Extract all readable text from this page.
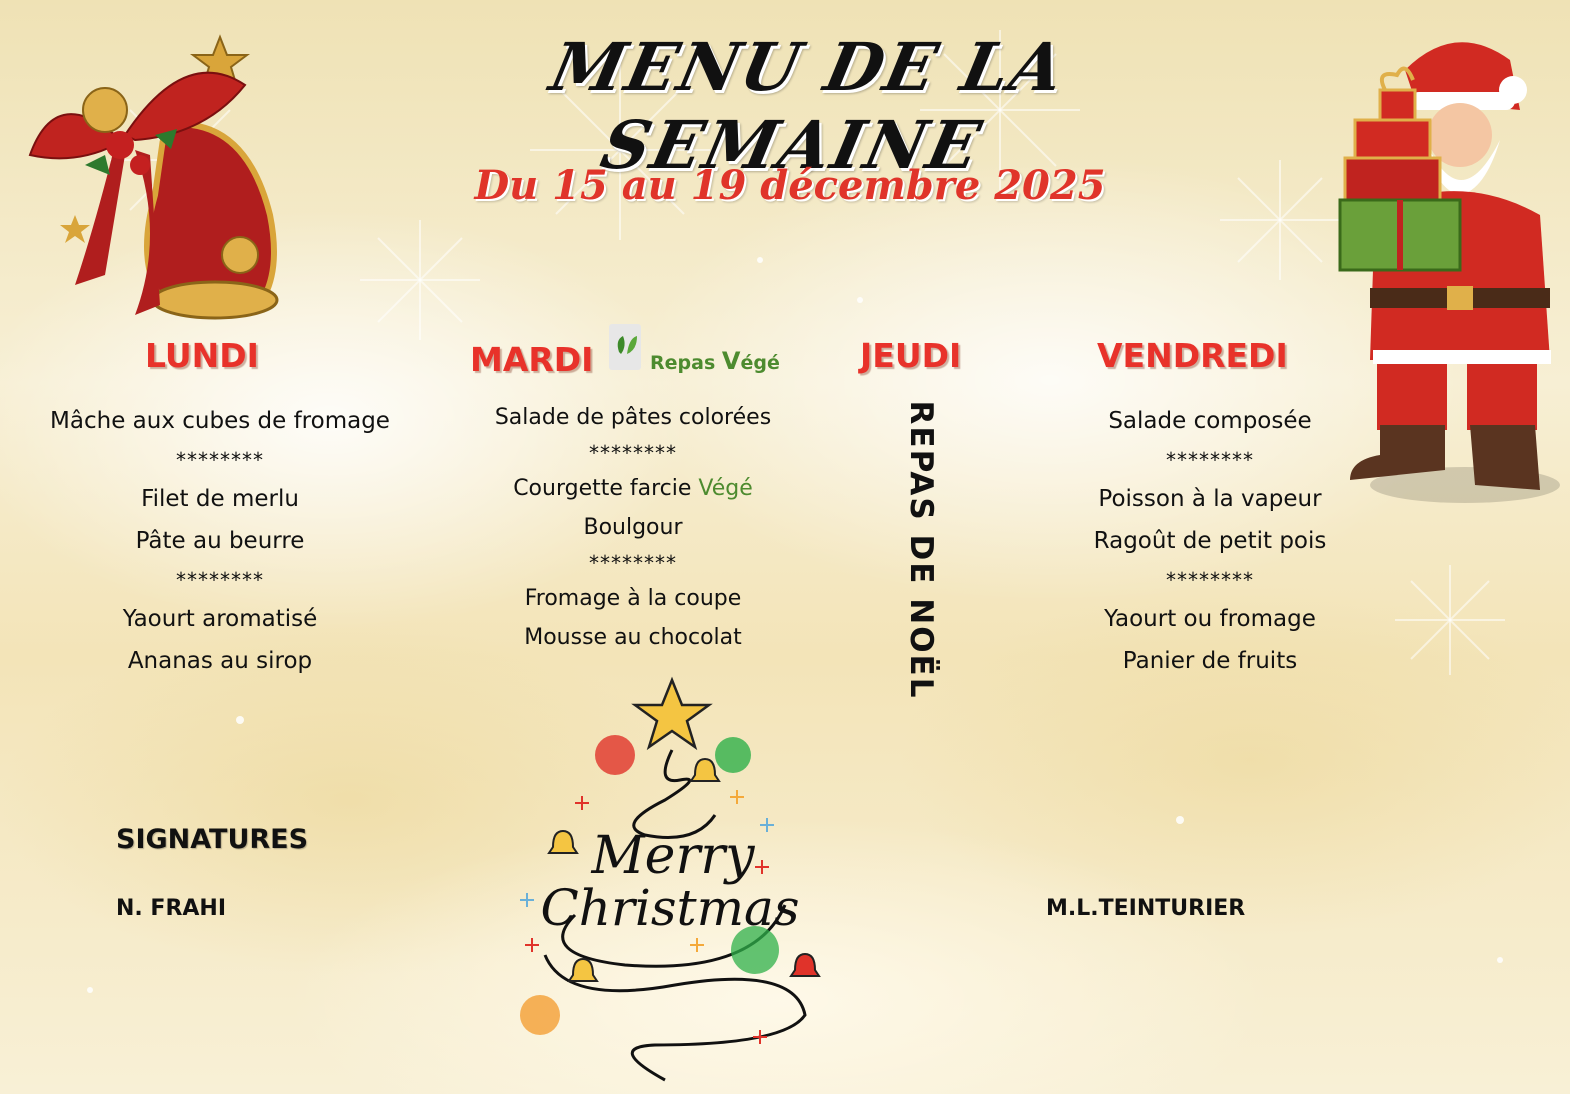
MENU DE LA SEMAINE
Du 15 au 19 décembre 2025
LUNDI	MARDI	Repas Végé JEUDI	VENDREDI
Mâche aux cubes de fromage
********
Filet de merlu
Pâte au beurre
********
Yaourt aromatisé
Ananas au sirop
Salade de pâtes colorées
********
Courgette farcie Végé
Boulgour
********
Fromage à la coupe
Mousse au chocolat	REPAS DE NOËL	Salade composée
********
Poisson à la vapeur
Ragoût de petit pois
********
Yaourt ou fromage
Panier de fruits
Merry
Christmas
SIGNATURES
N. FRAHI	M.L.TEINTURIER
